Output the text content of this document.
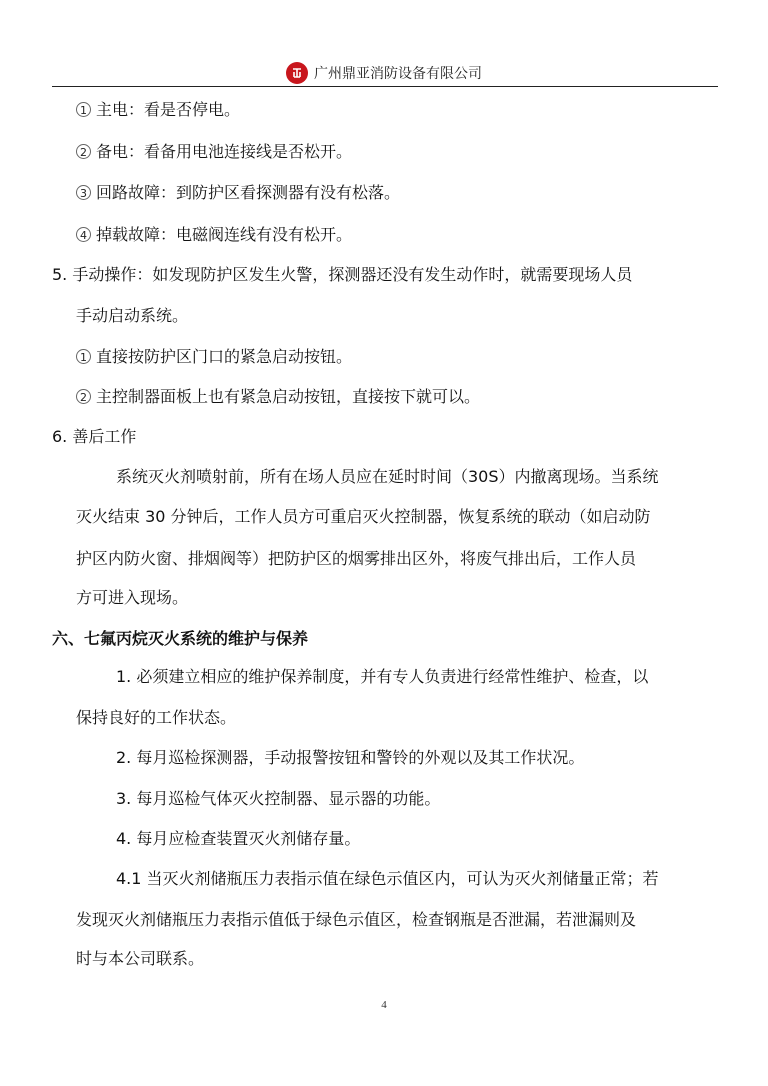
广州鼎亚消防设备有限公司
1 主电：看是否停电。
2 备电：看备用电池连接线是否松开。
3 回路故障：到防护区看探测器有没有松落。
4 掉载故障：电磁阀连线有没有松开。
5. 手动操作：如发现防护区发生火警，探测器还没有发生动作时，就需要现场人员
手动启动系统。
1 直接按防护区门口的紧急启动按钮。
2 主控制器面板上也有紧急启动按钮，直接按下就可以。
6. 善后工作
系统灭火剂喷射前，所有在场人员应在延时时间（30S）内撤离现场。当系统
灭火结束 30 分钟后，工作人员方可重启灭火控制器，恢复系统的联动（如启动防
护区内防火窗、排烟阀等）把防护区的烟雾排出区外，将废气排出后，工作人员
方可进入现场。
六、七氟丙烷灭火系统的维护与保养
1. 必须建立相应的维护保养制度，并有专人负责进行经常性维护、检查，以
保持良好的工作状态。
2. 每月巡检探测器，手动报警按钮和警铃的外观以及其工作状况。
3. 每月巡检气体灭火控制器、显示器的功能。
4. 每月应检查装置灭火剂储存量。
4.1 当灭火剂储瓶压力表指示值在绿色示值区内，可认为灭火剂储量正常；若
发现灭火剂储瓶压力表指示值低于绿色示值区，检查钢瓶是否泄漏，若泄漏则及
时与本公司联系。
4
